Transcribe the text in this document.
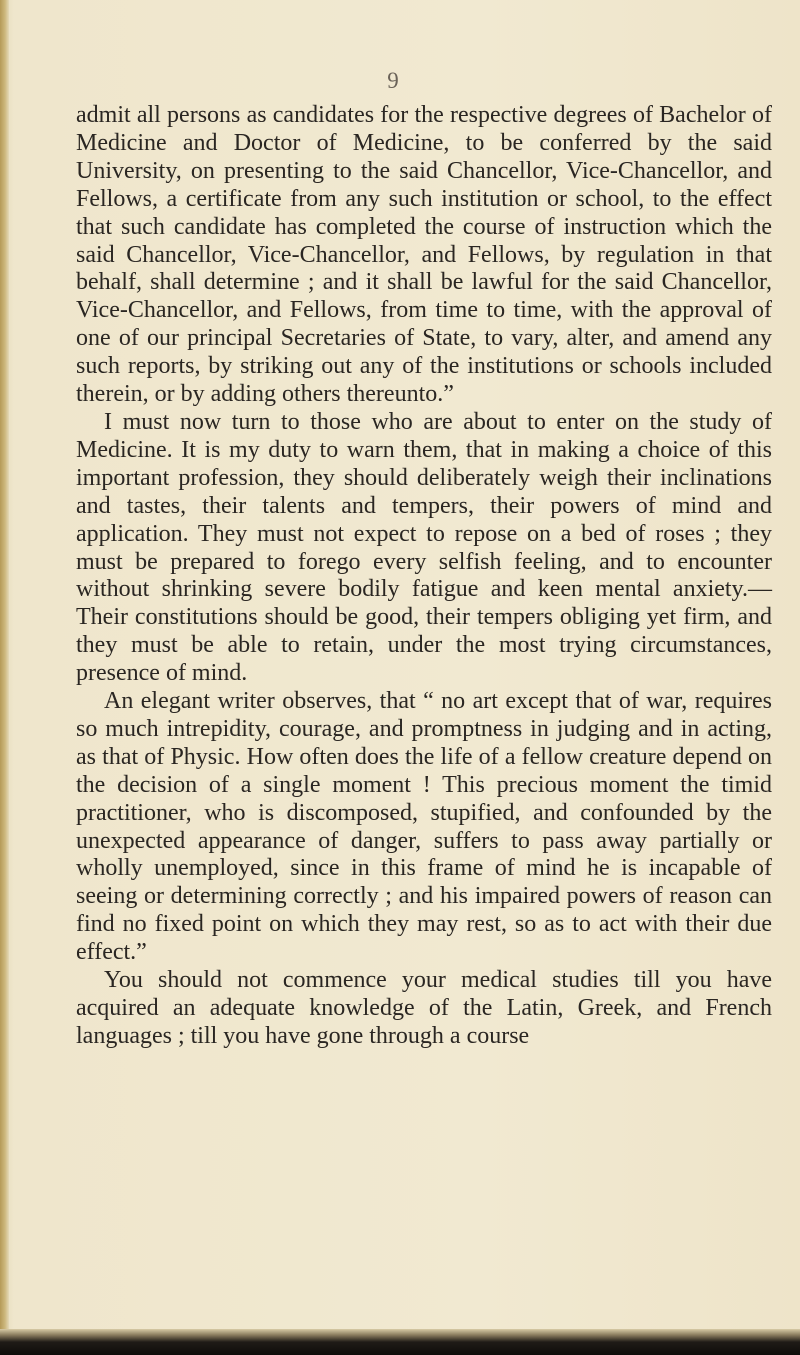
9

admit all persons as candidates for the respective degrees of Bachelor of Medicine and Doctor of Medicine, to be conferred by the said University, on presenting to the said Chancellor, Vice-Chancellor, and Fellows, a certificate from any such institution or school, to the effect that such candidate has completed the course of instruction which the said Chancellor, Vice-Chancellor, and Fellows, by regulation in that behalf, shall determine ; and it shall be lawful for the said Chancellor, Vice-Chancellor, and Fellows, from time to time, with the approval of one of our principal Secretaries of State, to vary, alter, and amend any such reports, by striking out any of the institutions or schools included therein, or by adding others thereunto.”

I must now turn to those who are about to enter on the study of Medicine. It is my duty to warn them, that in making a choice of this important profession, they should deliberately weigh their inclinations and tastes, their talents and tempers, their powers of mind and application. They must not expect to repose on a bed of roses ; they must be prepared to forego every selfish feeling, and to encounter without shrinking severe bodily fatigue and keen mental anxiety.— Their constitutions should be good, their tempers obliging yet firm, and they must be able to retain, under the most trying circumstances, presence of mind.

An elegant writer observes, that “ no art except that of war, requires so much intrepidity, courage, and promptness in judging and in acting, as that of Physic. How often does the life of a fellow creature depend on the decision of a single moment ! This precious moment the timid practitioner, who is discomposed, stupified, and confounded by the unexpected appearance of danger, suffers to pass away partially or wholly unemployed, since in this frame of mind he is incapable of seeing or determining correctly ; and his impaired powers of reason can find no fixed point on which they may rest, so as to act with their due effect.”

You should not commence your medical studies till you have acquired an adequate knowledge of the Latin, Greek, and French languages ; till you have gone through a course
